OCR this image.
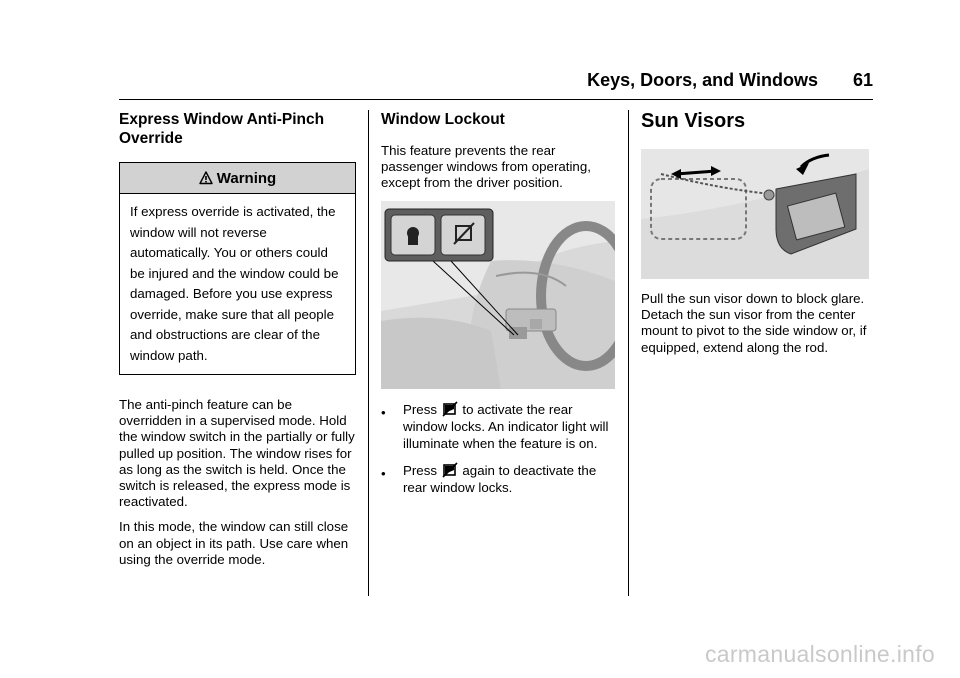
Keys, Doors, and Windows 61
Express Window Anti-Pinch Override
Warning
If express override is activated, the window will not reverse automatically. You or others could be injured and the window could be damaged. Before you use express override, make sure that all people and obstructions are clear of the window path.

The anti-pinch feature can be overridden in a supervised mode. Hold the window switch in the partially or fully pulled up position. The window rises for as long as the switch is held. Once the switch is released, the express mode is reactivated.

In this mode, the window can still close on an object in its path. Use care when using the override mode.

Window Lockout

This feature prevents the rear passenger windows from operating, except from the driver position.

•	Press to activate the rear window locks. An indicator light will illuminate when the feature is on.
•	Press again to deactivate the rear window locks.
Sun Visors

Pull the sun visor down to block glare. Detach the sun visor from the center mount to pivot to the side window or, if equipped, extend along the rod.

carmanualsonline.info
